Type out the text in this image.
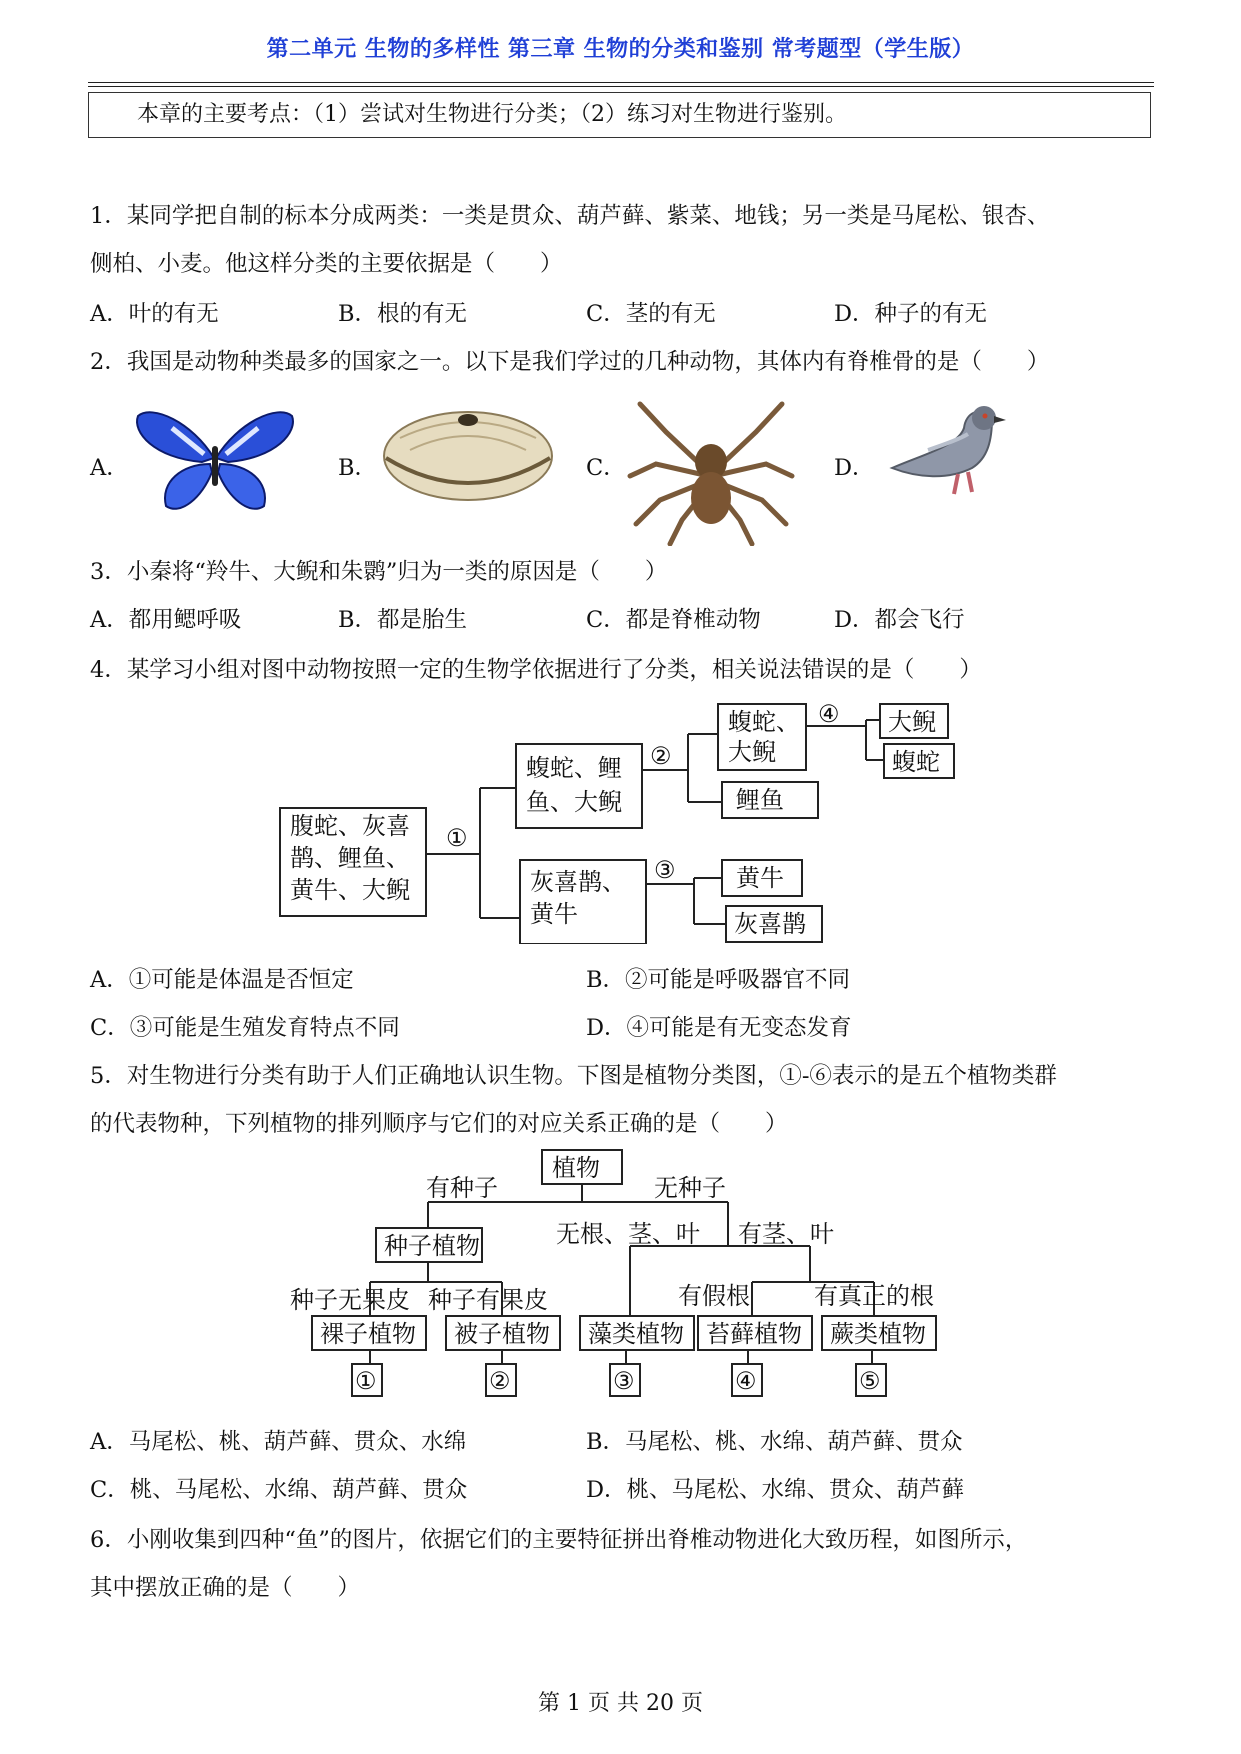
第二单元 生物的多样性 第三章 生物的分类和鉴别 常考题型（学生版）
本章的主要考点：（1）尝试对生物进行分类；（2）练习对生物进行鉴别。
1．某同学把自制的标本分成两类：一类是贯众、葫芦藓、紫菜、地钱；另一类是马尾松、银杏、
侧柏、小麦。他这样分类的主要依据是（　　）
A．叶的有无	B．根的有无	C．茎的有无	D．种子的有无
2．我国是动物种类最多的国家之一。以下是我们学过的几种动物，其体内有脊椎骨的是（　　）
A．	B．	C．	D．
3．小秦将“羚牛、大鲵和朱鹮”归为一类的原因是（　　）
A．都用鳃呼吸	B．都是胎生	C．都是脊椎动物	D．都会飞行
4．某学习小组对图中动物按照一定的生物学依据进行了分类，相关说法错误的是（　　）
腹蛇、灰喜
鹊、鲤鱼、
黄牛、大鲵
①
蝮蛇、鲤
鱼、大鲵
②
蝮蛇、
大鲵
④ 大鲵
蝮蛇
鲤鱼
灰喜鹊、
黄牛
③	黄牛
灰喜鹊
A．①可能是体温是否恒定	B．②可能是呼吸器官不同
C．③可能是生殖发育特点不同	D．④可能是有无变态发育
5．对生物进行分类有助于人们正确地认识生物。下图是植物分类图，①-⑥表示的是五个植物类群
的代表物种，下列植物的排列顺序与它们的对应关系正确的是（　　）
植物
有种子	无种子
种子植物	无根、茎、叶 有茎、叶
种子无果皮 种子有果皮	有假根	有真正的根
裸子植物 被子植物 藻类植物 苔藓植物 蕨类植物
①	②	③	④	⑤
A．马尾松、桃、葫芦藓、贯众、水绵	B．马尾松、桃、水绵、葫芦藓、贯众
C．桃、马尾松、水绵、葫芦藓、贯众	D．桃、马尾松、水绵、贯众、葫芦藓
6．小刚收集到四种“鱼”的图片，依据它们的主要特征拼出脊椎动物进化大致历程，如图所示，
其中摆放正确的是（　　）
第 1 页 共 20 页
